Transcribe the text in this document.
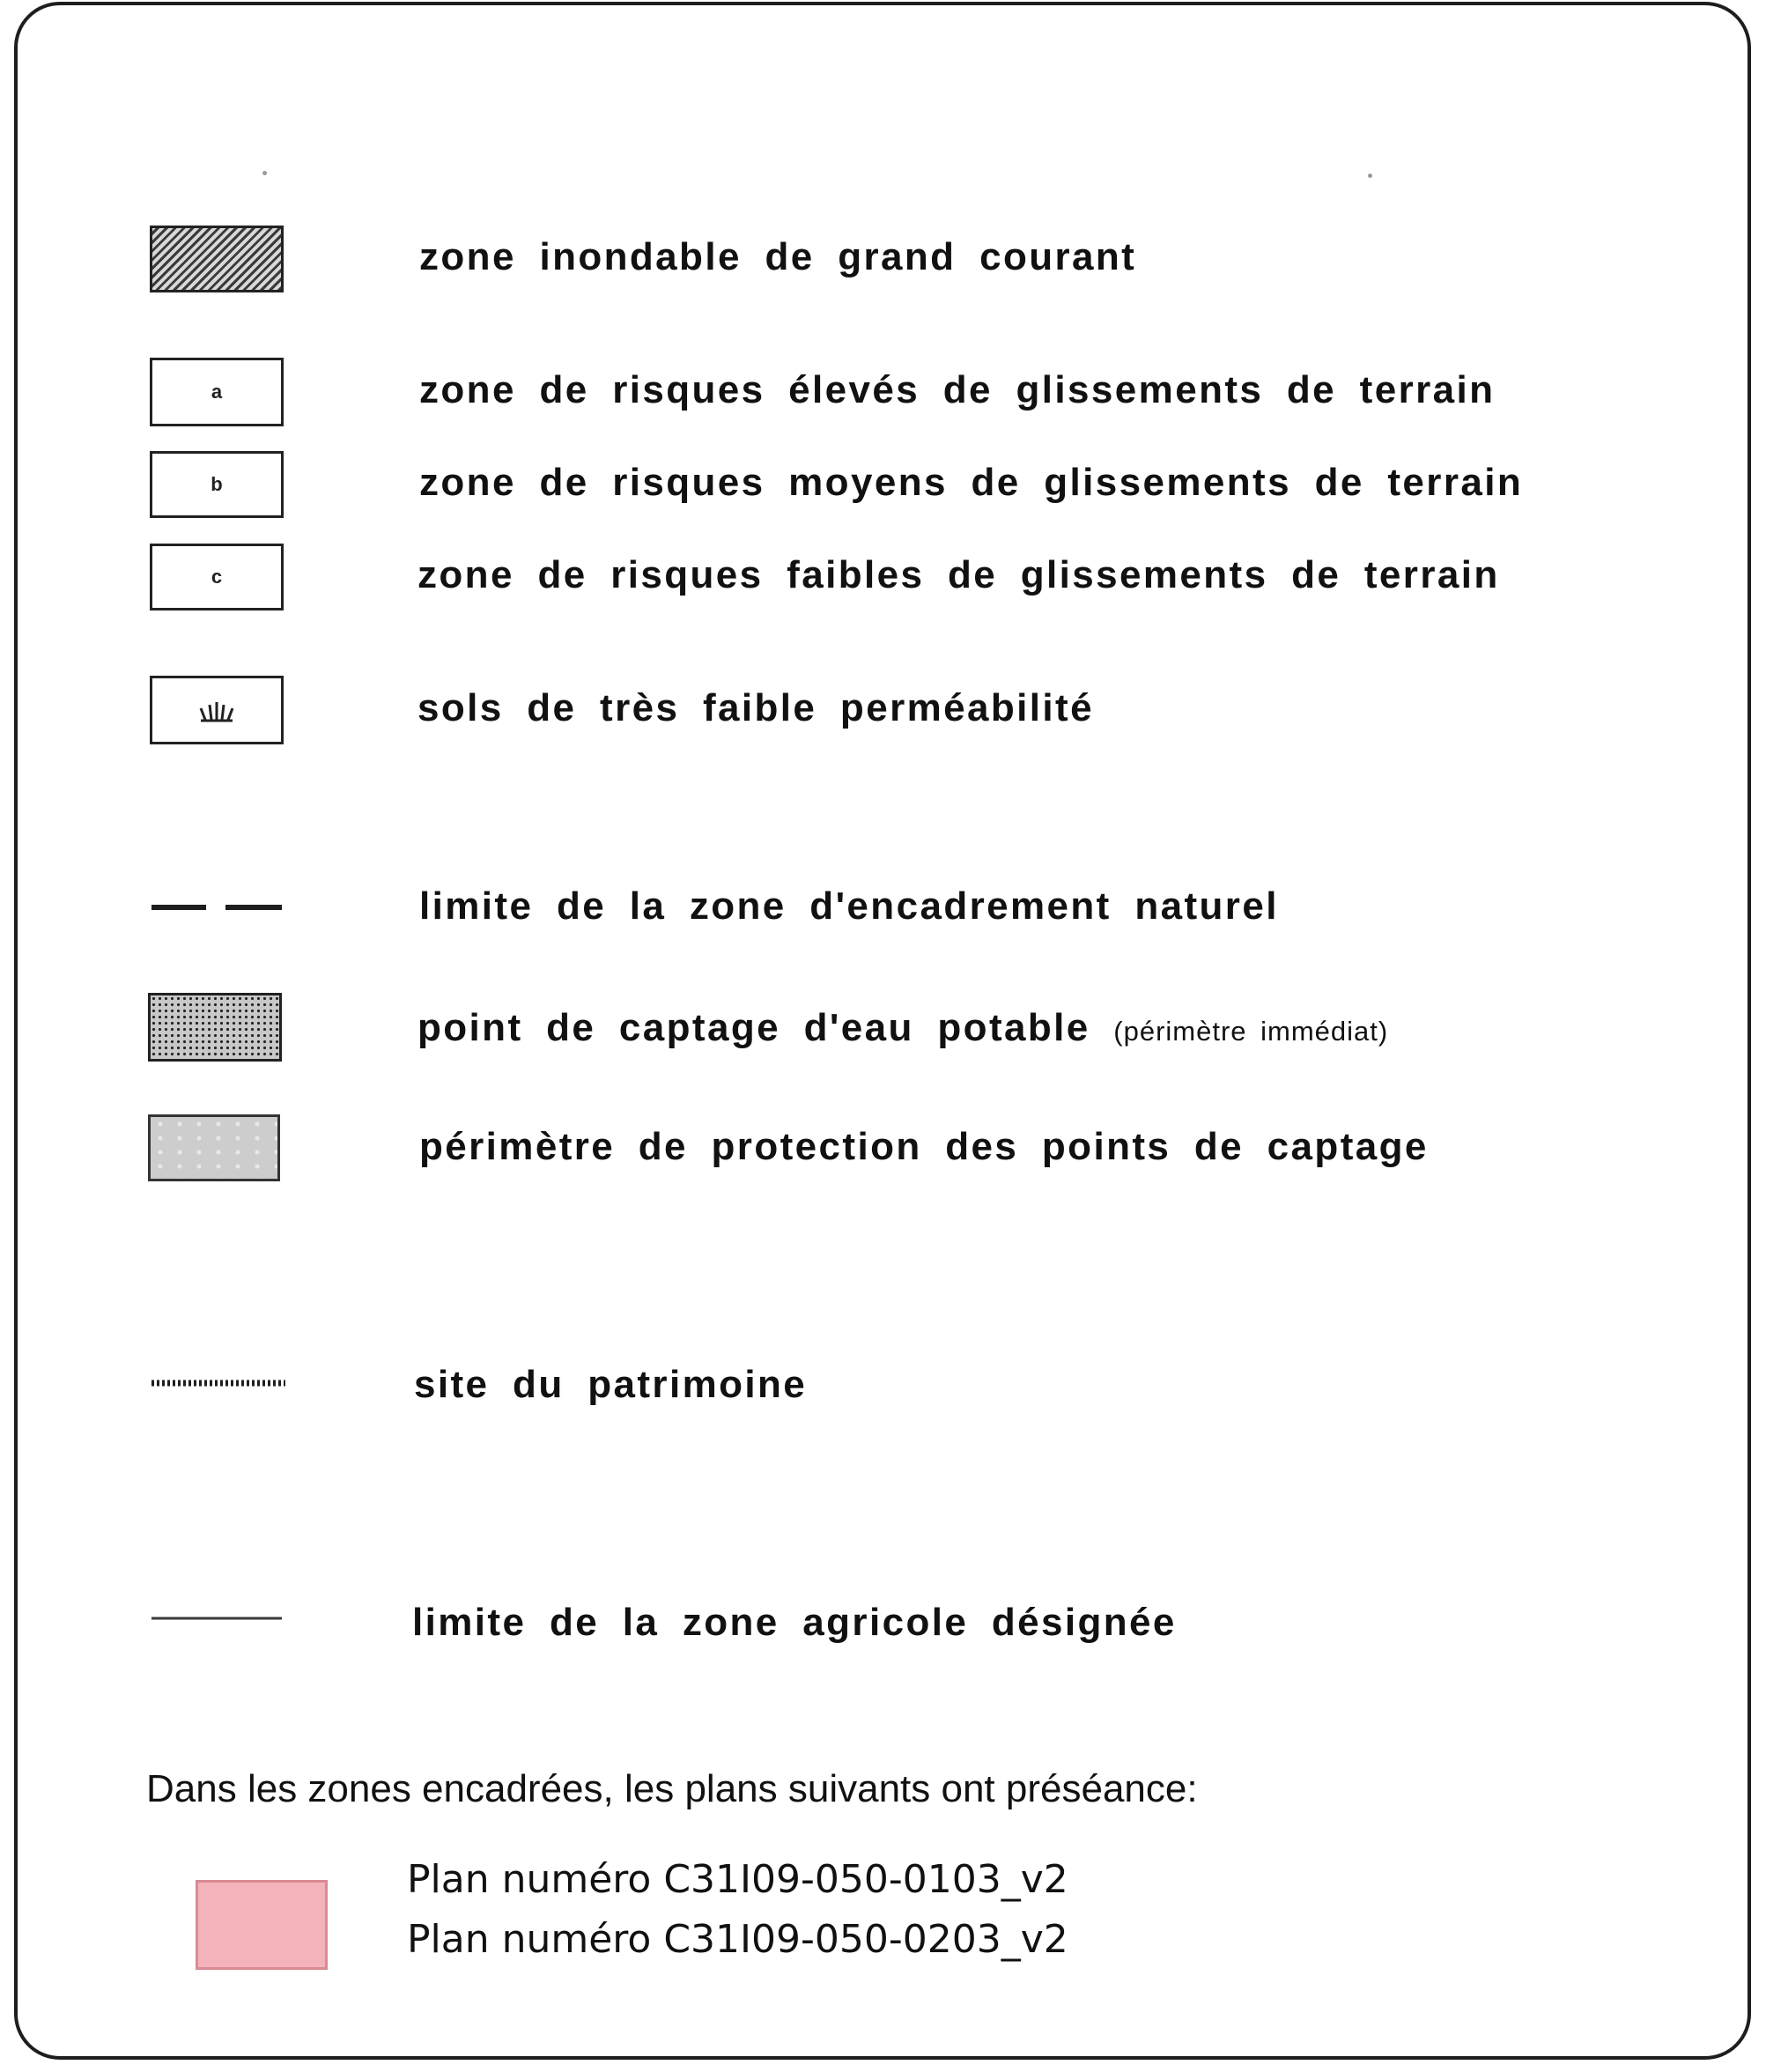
zone inondable de grand courant
a	zone de risques élevés de glissements de terrain
b	zone de risques moyens de glissements de terrain
c	zone de risques faibles de glissements de terrain
sols de très faible perméabilité
limite de la zone d'encadrement naturel
point de captage d'eau potable (périmètre immédiat)
périmètre de protection des points de captage
site du patrimoine
limite de la zone agricole désignée
Dans les zones encadrées, les plans suivants ont préséance:
Plan numéro C31I09-050-0103_v2
Plan numéro C31I09-050-0203_v2
